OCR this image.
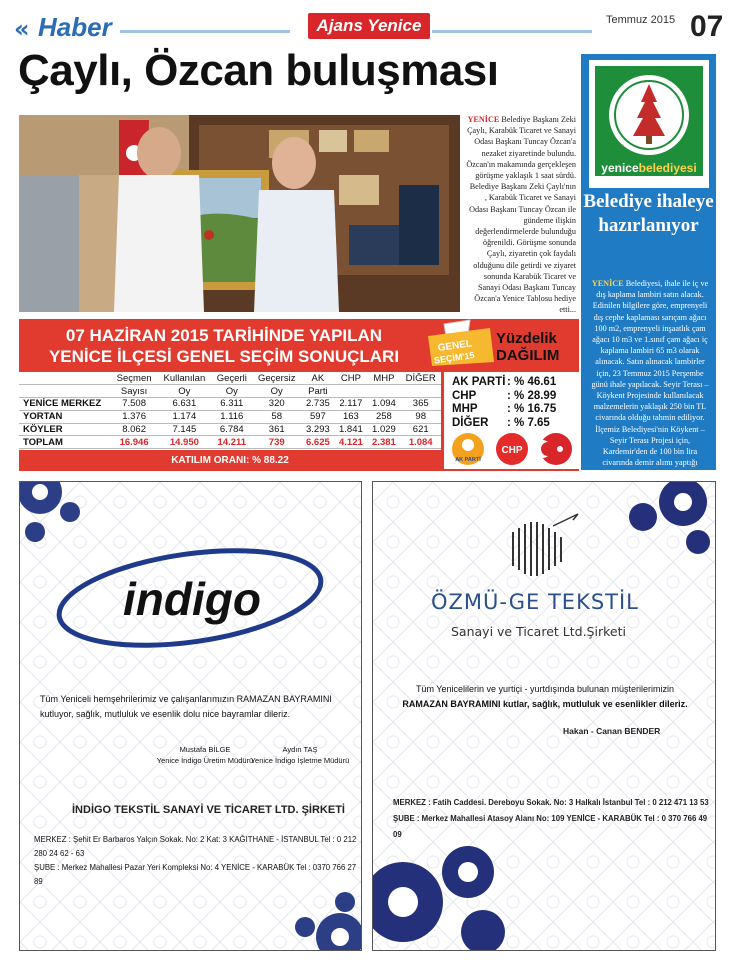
« Haber	Ajans Yenice	Temmuz 2015 07
Çaylı, Özcan buluşması
YENİCE Belediye Başkanı Zeki Çaylı, Karabük Ticaret ve Sanayi Odası Başkanı Tuncay Özcan'a nezaket ziyaretinde bulundu. Özcan'ın makamında gerçekleşen görüşme yaklaşık 1 saat sürdü. Belediye Başkanı Zeki Çaylı'nın , Karabük Ticaret ve Sanayi Odası Başkanı Tuncay Özcan ile gündeme ilişkin değerlendirmelerde bulunduğu öğrenildi. Görüşme sonunda Çaylı, ziyaretin çok faydalı olduğunu dile getirdi ve ziyaret sonunda Karabük Ticaret ve Sanayi Odası Başkanı Tuncay Özcan'a Yenice Tablosu hediye etti...
07 HAZİRAN 2015 TARİHİNDE YAPILAN
YENİCE İLÇESİ GENEL SEÇİM SONUÇLARI
GENEL
SEÇİM'15
Yüzdelik
DAĞILIM
	Seçmen	Kullanılan	Geçerli	Geçersiz	AK	CHP	MHP	DİĞER
	Sayısı	Oy	Oy	Oy	Parti			
YENİCE MERKEZ	7.508	6.631	6.311	320	2.735	2.117	1.094	365
YORTAN	1.376	1.174	1.116	58	597	163	258	98
KÖYLER	8.062	7.145	6.784	361	3.293	1.841	1.029	621
TOPLAM	16.946	14.950	14.211	739	6.625	4.121	2.381	1.084
KATILIM ORANI: % 88.22
AK PARTİ : % 46.61
CHP	: % 28.99
MHP	: % 16.75
DİĞER	: % 7.65
AK PARTİ
CHP
yenicebelediyesi
Belediye ihaleye hazırlanıyor
YENİCE Belediyesi, ihale ile iç ve dış kaplama lambiri satın alacak. Edinilen bilgilere göre, emprenyeli dış cephe kaplaması sarıçam ağacı 100 m2, emprenyeli inşaatlık çam ağacı 10 m3 ve 1.sınıf çam ağacı iç kaplama lambiri 65 m3 olarak alınacak. Satın alınacak lambirler için, 23 Temmuz 2015 Perşembe günü ihale yapılacak. Seyir Terası – Köykent Projesinde kullanılacak malzemelerin yaklaşık 250 bin TL civarında olduğu tahmin ediliyor. İlçemiz Belediyesi'nin Köykent – Seyir Terası Projesi için, Kardemir'den de 100 bin lira civarında demir alımı yaptığı öğrenildi.
indigo
Tüm Yeniceli hemşehrilerimiz ve çalışanlarımızın RAMAZAN BAYRAMINI kutluyor, sağlık, mutluluk ve esenlik dolu nice bayramlar dileriz.
Mustafa BİLGE
Yenice İndigo Üretim Müdürü
Aydın TAŞ
Yenice İndigo İşletme Müdürü
İNDİGO TEKSTİL SANAYİ VE TİCARET LTD. ŞİRKETİ
MERKEZ : Şehit Er Barbaros Yalçın Sokak. No: 2 Kat: 3 KAĞITHANE - İSTANBUL Tel : 0 212 280 24 62 - 63
ŞUBE : Merkez Mahallesi Pazar Yeri Kompleksi No: 4 YENİCE - KARABÜK Tel : 0370 766 27 89
ÖZMÜ-GE TEKSTİL
Sanayi ve Ticaret Ltd.Şirketi
Tüm Yenicelilerin ve yurtiçi - yurtdışında bulunan müşterilerimizin
RAMAZAN BAYRAMINI kutlar, sağlık, mutluluk ve esenlikler dileriz.
Hakan - Canan BENDER
MERKEZ : Fatih Caddesi. Dereboyu Sokak. No: 3 Halkalı İstanbul Tel : 0 212 471 13 53
ŞUBE : Merkez Mahallesi Atasoy Alanı No: 109 YENİCE - KARABÜK Tel : 0 370 766 49 09
